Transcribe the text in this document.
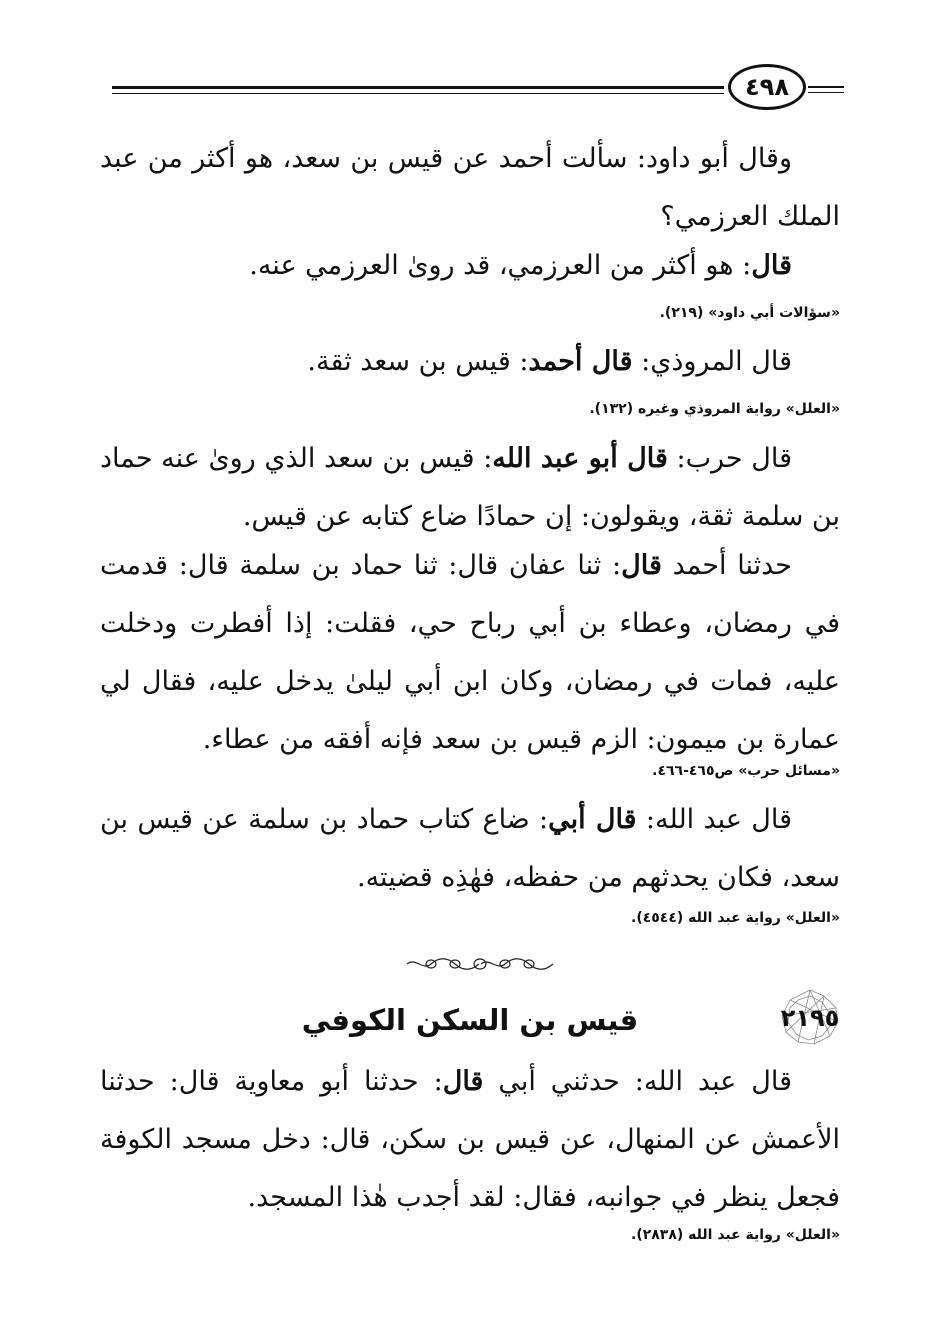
٤٩٨

وقال أبو داود: سألت أحمد عن قيس بن سعد، هو أكثر من عبد الملك العرزمي؟

قال: هو أكثر من العرزمي، قد روىٰ العرزمي عنه.

«سؤالات أبي داود» (٢١٩).

قال المروذي: قال أحمد: قيس بن سعد ثقة.

«العلل» رواية المروذي وغيره (١٣٢).

قال حرب: قال أبو عبد الله: قيس بن سعد الذي روىٰ عنه حماد بن سلمة ثقة، ويقولون: إن حمادًا ضاع كتابه عن قيس.

حدثنا أحمد قال: ثنا عفان قال: ثنا حماد بن سلمة قال: قدمت في رمضان، وعطاء بن أبي رباح حي، فقلت: إذا أفطرت ودخلت عليه، فمات في رمضان، وكان ابن أبي ليلىٰ يدخل عليه، فقال لي عمارة بن ميمون: الزم قيس بن سعد فإنه أفقه من عطاء.

«مسائل حرب» ص٤٦٥-٤٦٦.

قال عبد الله: قال أبي: ضاع كتاب حماد بن سلمة عن قيس بن سعد، فكان يحدثهم من حفظه، فهٰذِه قضيته.

«العلل» رواية عبد الله (٤٥٤٤).

٢١٩٥
قيس بن السكن الكوفي

قال عبد الله: حدثني أبي قال: حدثنا أبو معاوية قال: حدثنا الأعمش عن المنهال، عن قيس بن سكن، قال: دخل مسجد الكوفة فجعل ينظر في جوانبه، فقال: لقد أجدب هٰذا المسجد.

«العلل» رواية عبد الله (٢٨٣٨).
